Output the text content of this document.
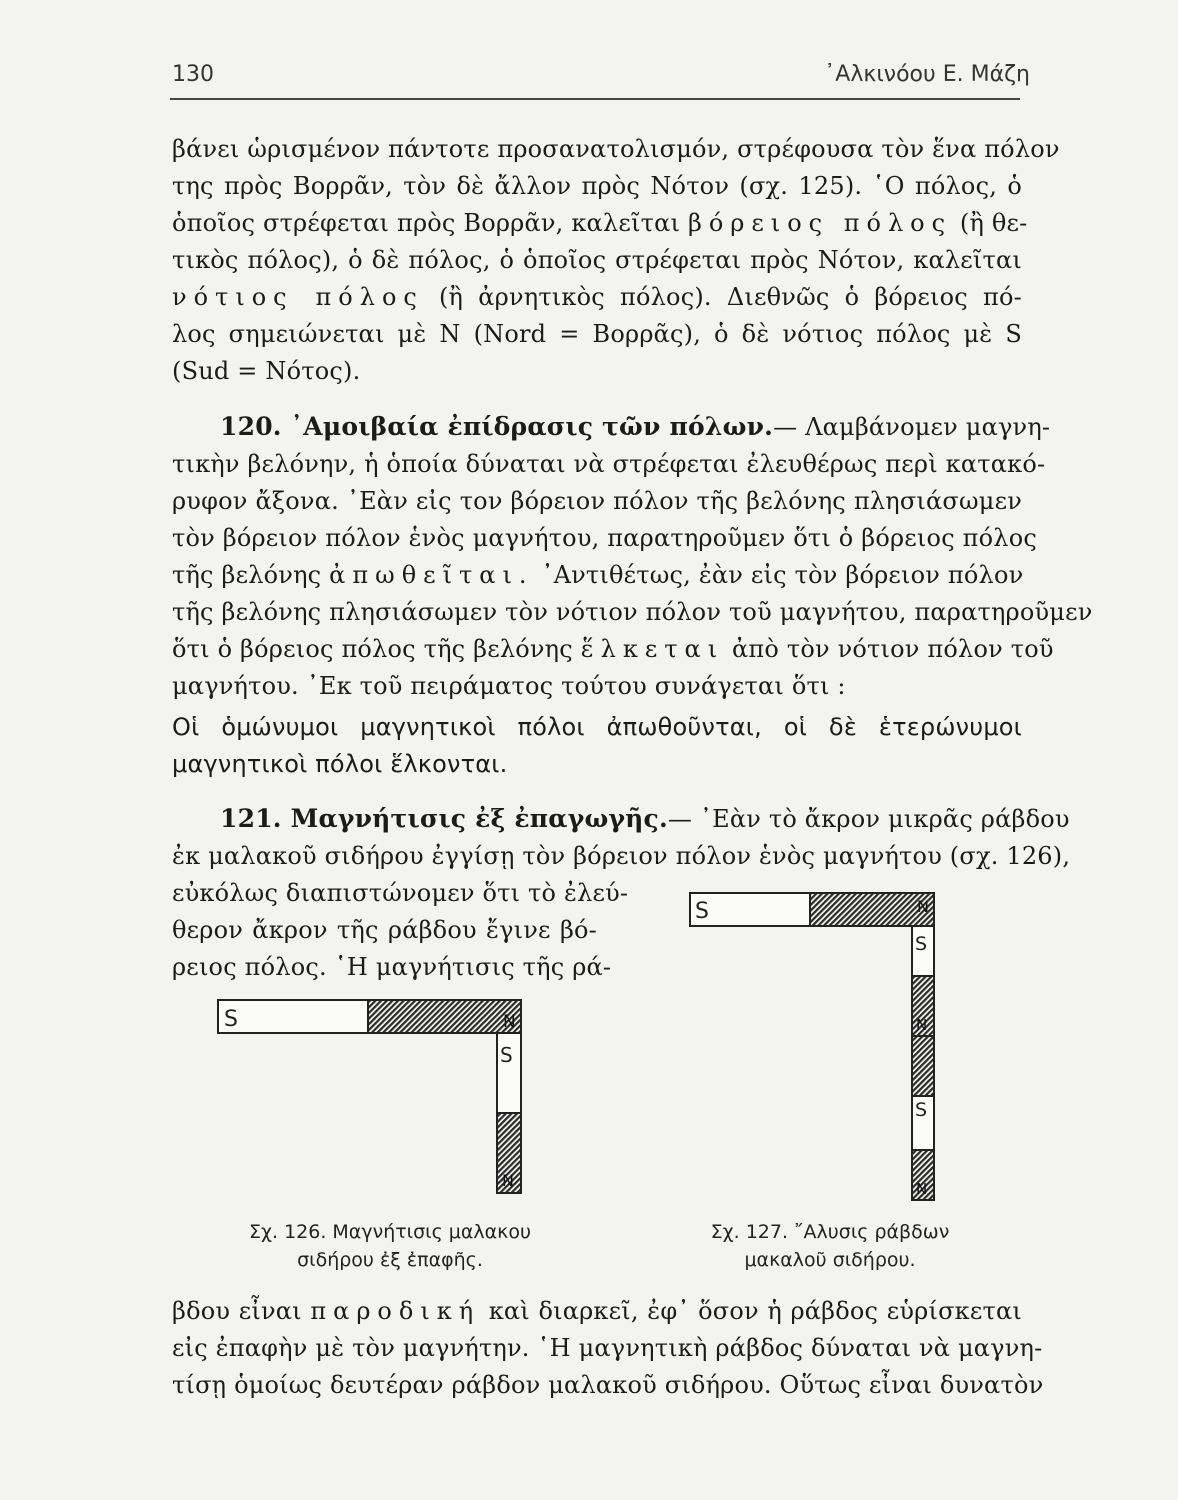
130	᾿Αλκινόου Ε. Μάζη
βάνει ὡρισμένον πάντοτε προσανατολισμόν, στρέφουσα τὸν ἕνα πόλον
της πρὸς Βορρᾶν, τὸν δὲ ἄλλον πρὸς Νότον (σχ. 125). ῾Ο πόλος, ὁ
ὁποῖος στρέφεται πρὸς Βορρᾶν, καλεῖται βόρειος πόλος (ἢ θε-
τικὸς πόλος), ὁ δὲ πόλος, ὁ ὁποῖος στρέφεται πρὸς Νότον, καλεῖται
νότιος πόλος (ἢ ἀρνητικὸς πόλος). Διεθνῶς ὁ βόρειος πό-
λος σημειώνεται μὲ N (Nord = Βορρᾶς), ὁ δὲ νότιος πόλος μὲ S
(Sud = Νότος).
120. ᾿Αμοιβαία ἐπίδρασις τῶν πόλων.— Λαμβάνομεν μαγνη-
τικὴν βελόνην, ἡ ὁποία δύναται νὰ στρέφεται ἐλευθέρως περὶ κατακό-
ρυφον ἄξονα. ᾿Εὰν εἰς τον βόρειον πόλον τῆς βελόνης πλησιάσωμεν
τὸν βόρειον πόλον ἑνὸς μαγνήτου, παρατηροῦμεν ὅτι ὁ βόρειος πόλος
τῆς βελόνης ἀπωθεῖται. ᾿Αντιθέτως, ἐὰν εἰς τὸν βόρειον πόλον
τῆς βελόνης πλησιάσωμεν τὸν νότιον πόλον τοῦ μαγνήτου, παρατηροῦμεν
ὅτι ὁ βόρειος πόλος τῆς βελόνης ἕλκεται ἀπὸ τὸν νότιον πόλον τοῦ
μαγνήτου. ᾿Εκ τοῦ πειράματος τούτου συνάγεται ὅτι :
Οἱ ὁμώνυμοι μαγνητικοὶ πόλοι ἀπωθοῦνται, οἱ δὲ ἑτερώνυμοι
μαγνητικοὶ πόλοι ἕλκονται.
121. Μαγνήτισις ἐξ ἐπαγωγῆς.— ᾿Εὰν τὸ ἄκρον μικρᾶς ράβδου
ἐκ μαλακοῦ σιδήρου ἐγγίσῃ τὸν βόρειον πόλον ἑνὸς μαγνήτου (σχ. 126),
εὐκόλως διαπιστώνομεν ὅτι τὸ ἐλεύ-
θερον ἄκρον τῆς ράβδου ἔγινε βό-
ρειος πόλος. ῾Η μαγνήτισις τῆς ρά-
S	N
S
N
S	N
S
N
S
N
Σχ. 126. Μαγνήτισις μαλακου
σιδήρου ἐξ ἐπαφῆς.
Σχ. 127. ῎Αλυσις ράβδων
μακαλοῦ σιδήρου.
βδου εἶναι παροδική καὶ διαρκεῖ, ἐφ᾿ ὅσον ἡ ράβδος εὑρίσκεται
εἰς ἐπαφὴν μὲ τὸν μαγνήτην. ῾Η μαγνητικὴ ράβδος δύναται νὰ μαγνη-
τίσῃ ὁμοίως δευτέραν ράβδον μαλακοῦ σιδήρου. Οὕτως εἶναι δυνατὸν
